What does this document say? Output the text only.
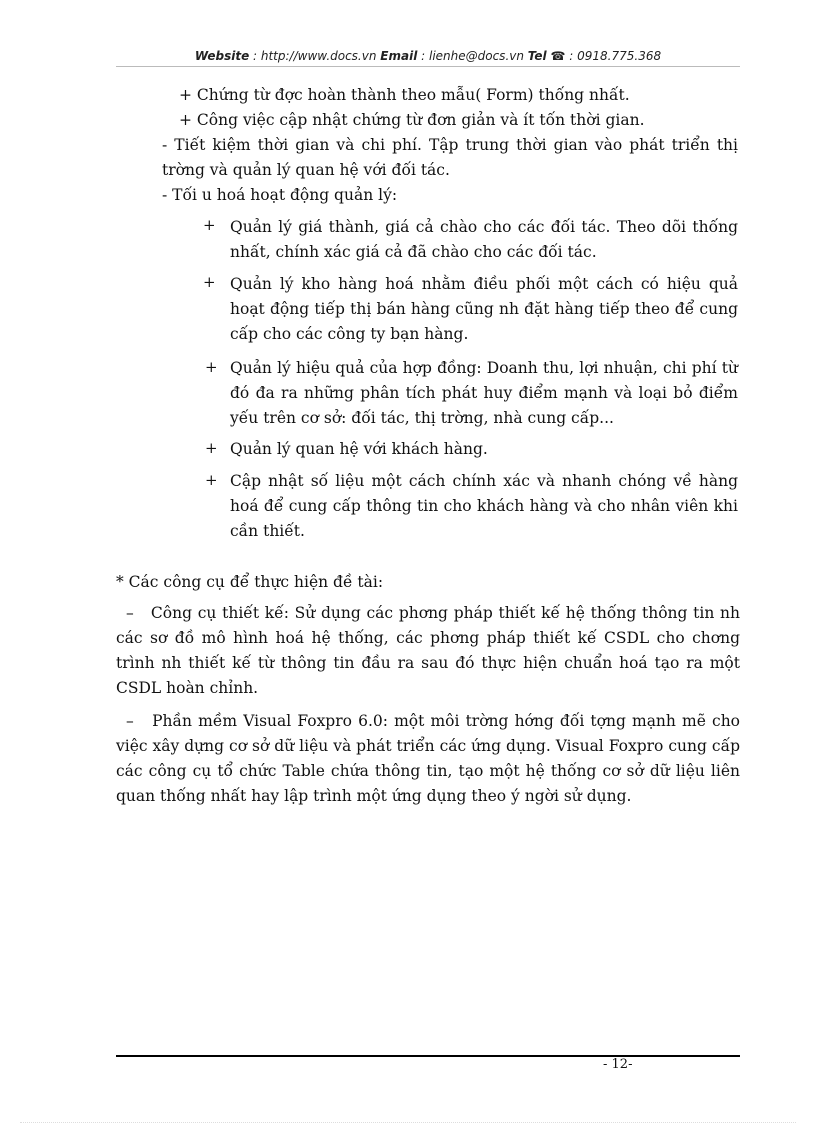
Website : http://www.docs.vn Email : lienhe@docs.vn Tel ☎ : 0918.775.368

+ Chứng từ đợc hoàn thành theo mẫu( Form) thống nhất.

+ Công việc cập nhật chứng từ đơn giản và ít tốn thời gian.

- Tiết kiệm thời gian và chi phí. Tập trung thời gian vào phát triển thị trờng và quản lý quan hệ với đối tác.

- Tối u hoá hoạt động quản lý:

+ Quản lý giá thành, giá cả chào cho các đối tác. Theo dõi thống nhất, chính xác giá cả đã chào cho các đối tác.

+ Quản lý kho hàng hoá nhằm điều phối một cách có hiệu quả hoạt động tiếp thị bán hàng cũng nh đặt hàng tiếp theo để cung cấp cho các công ty bạn hàng.

+ Quản lý hiệu quả của hợp đồng: Doanh thu, lợi nhuận, chi phí từ đó đa ra những phân tích phát huy điểm mạnh và loại bỏ điểm yếu trên cơ sở: đối tác, thị trờng, nhà cung cấp...

+ Quản lý quan hệ với khách hàng.

+ Cập nhật số liệu một cách chính xác và nhanh chóng về hàng hoá để cung cấp thông tin cho khách hàng và cho nhân viên khi cần thiết.

* Các công cụ để thực hiện đề tài:

– Công cụ thiết kế: Sử dụng các phơng pháp thiết kế hệ thống thông tin nh các sơ đồ mô hình hoá hệ thống, các phơng pháp thiết kế CSDL cho chơng trình nh thiết kế từ thông tin đầu ra sau đó thực hiện chuẩn hoá tạo ra một CSDL hoàn chỉnh.

– Phần mềm Visual Foxpro 6.0: một môi trờng hớng đối tợng mạnh mẽ cho việc xây dựng cơ sở dữ liệu và phát triển các ứng dụng. Visual Foxpro cung cấp các công cụ tổ chức Table chứa thông tin, tạo một hệ thống cơ sở dữ liệu liên quan thống nhất hay lập trình một ứng dụng theo ý ngời sử dụng.

- 12-
